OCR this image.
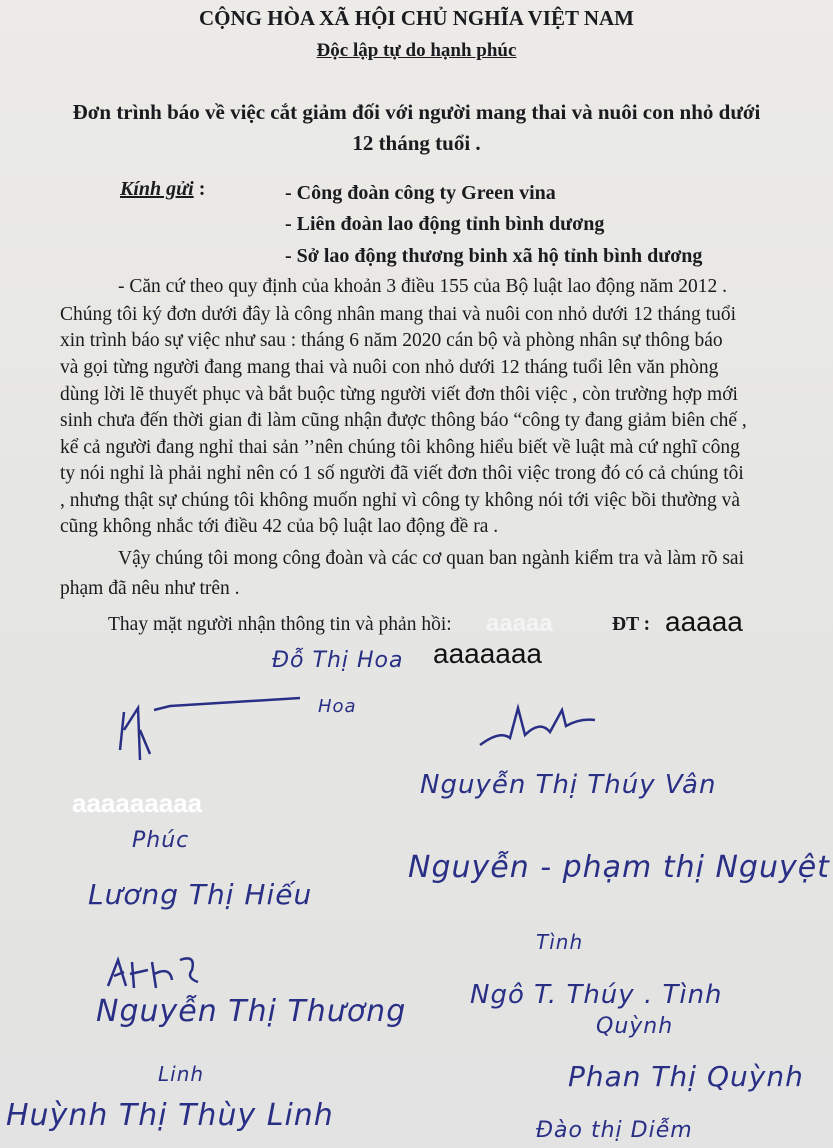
CỘNG HÒA XÃ HỘI CHỦ NGHĨA VIỆT NAM
Độc lập tự do hạnh phúc
Đơn trình báo về việc cắt giảm đối với người mang thai và nuôi con nhỏ dưới
12 tháng tuổi .
Kính gửi :	- Công đoàn công ty Green vina
- Liên đoàn lao động tỉnh bình dương
- Sở lao động thương binh xã hộ tỉnh bình dương
- Căn cứ theo quy định của khoản 3 điều 155 của Bộ luật lao động năm 2012 .
Chúng tôi ký đơn dưới đây là công nhân mang thai và nuôi con nhỏ dưới 12 tháng tuổi
xin trình báo sự việc như sau : tháng 6 năm 2020 cán bộ và phòng nhân sự thông báo
và gọi từng người đang mang thai và nuôi con nhỏ dưới 12 tháng tuổi lên văn phòng
dùng lời lẽ thuyết phục và bắt buộc từng người viết đơn thôi việc , còn trường hợp mới
sinh chưa đến thời gian đi làm cũng nhận được thông báo “công ty đang giảm biên chế ,
kể cả người đang nghỉ thai sản ’’nên chúng tôi không hiểu biết về luật mà cứ nghĩ công
ty nói nghỉ là phải nghỉ nên có 1 số người đã viết đơn thôi việc trong đó có cả chúng tôi
, nhưng thật sự chúng tôi không muốn nghỉ vì công ty không nói tới việc bồi thường và
cũng không nhắc tới điều 42 của bộ luật lao động đề ra .
Vậy chúng tôi mong công đoàn và các cơ quan ban ngành kiểm tra và làm rõ sai
phạm đã nêu như trên .
Thay mặt người nhận thông tin và phản hồi: aaaaa	ĐT : aaaaa
aaaaaaa
Đỗ Thị Hoa
Hoa
Nguyễn Thị Thúy Vân
aaaaaaaaa
Phúc
Lương Thị Hiếu
Nguyễn - phạm thị Nguyệt
Tình
Nguyễn Thị Thương Ngô T. Thúy . Tình
Quỳnh
Linh	Phan Thị Quỳnh
Huỳnh Thị Thùy Linh	Đào thị Diễm
